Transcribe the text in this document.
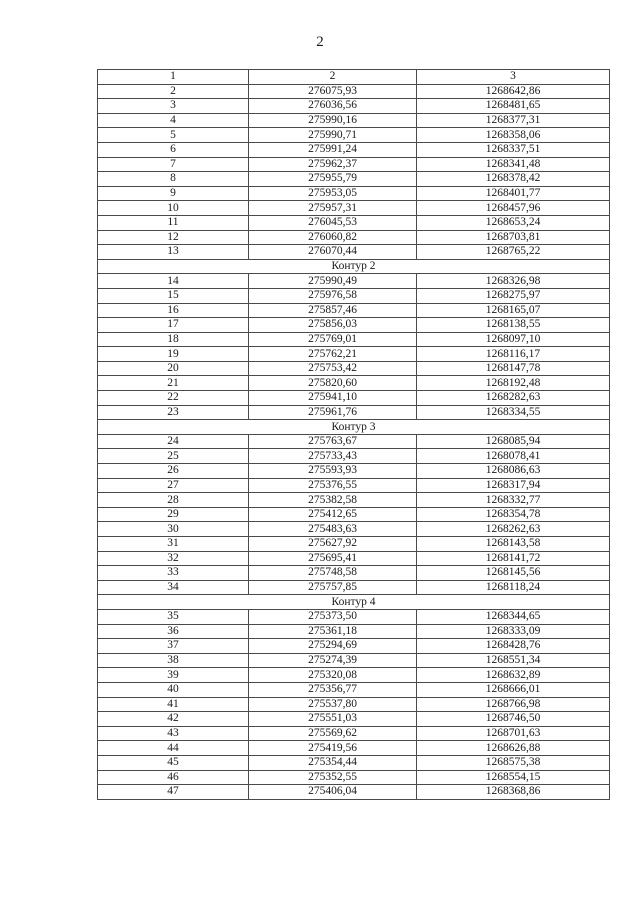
2
1	2	3
2	276075,93	1268642,86
3	276036,56	1268481,65
4	275990,16	1268377,31
5	275990,71	1268358,06
6	275991,24	1268337,51
7	275962,37	1268341,48
8	275955,79	1268378,42
9	275953,05	1268401,77
10	275957,31	1268457,96
11	276045,53	1268653,24
12	276060,82	1268703,81
13	276070,44	1268765,22
Контур 2		
14	275990,49	1268326,98
15	275976,58	1268275,97
16	275857,46	1268165,07
17	275856,03	1268138,55
18	275769,01	1268097,10
19	275762,21	1268116,17
20	275753,42	1268147,78
21	275820,60	1268192,48
22	275941,10	1268282,63
23	275961,76	1268334,55
Контур 3		
24	275763,67	1268085,94
25	275733,43	1268078,41
26	275593,93	1268086,63
27	275376,55	1268317,94
28	275382,58	1268332,77
29	275412,65	1268354,78
30	275483,63	1268262,63
31	275627,92	1268143,58
32	275695,41	1268141,72
33	275748,58	1268145,56
34	275757,85	1268118,24
Контур 4		
35	275373,50	1268344,65
36	275361,18	1268333,09
37	275294,69	1268428,76
38	275274,39	1268551,34
39	275320,08	1268632,89
40	275356,77	1268666,01
41	275537,80	1268766,98
42	275551,03	1268746,50
43	275569,62	1268701,63
44	275419,56	1268626,88
45	275354,44	1268575,38
46	275352,55	1268554,15
47	275406,04	1268368,86
